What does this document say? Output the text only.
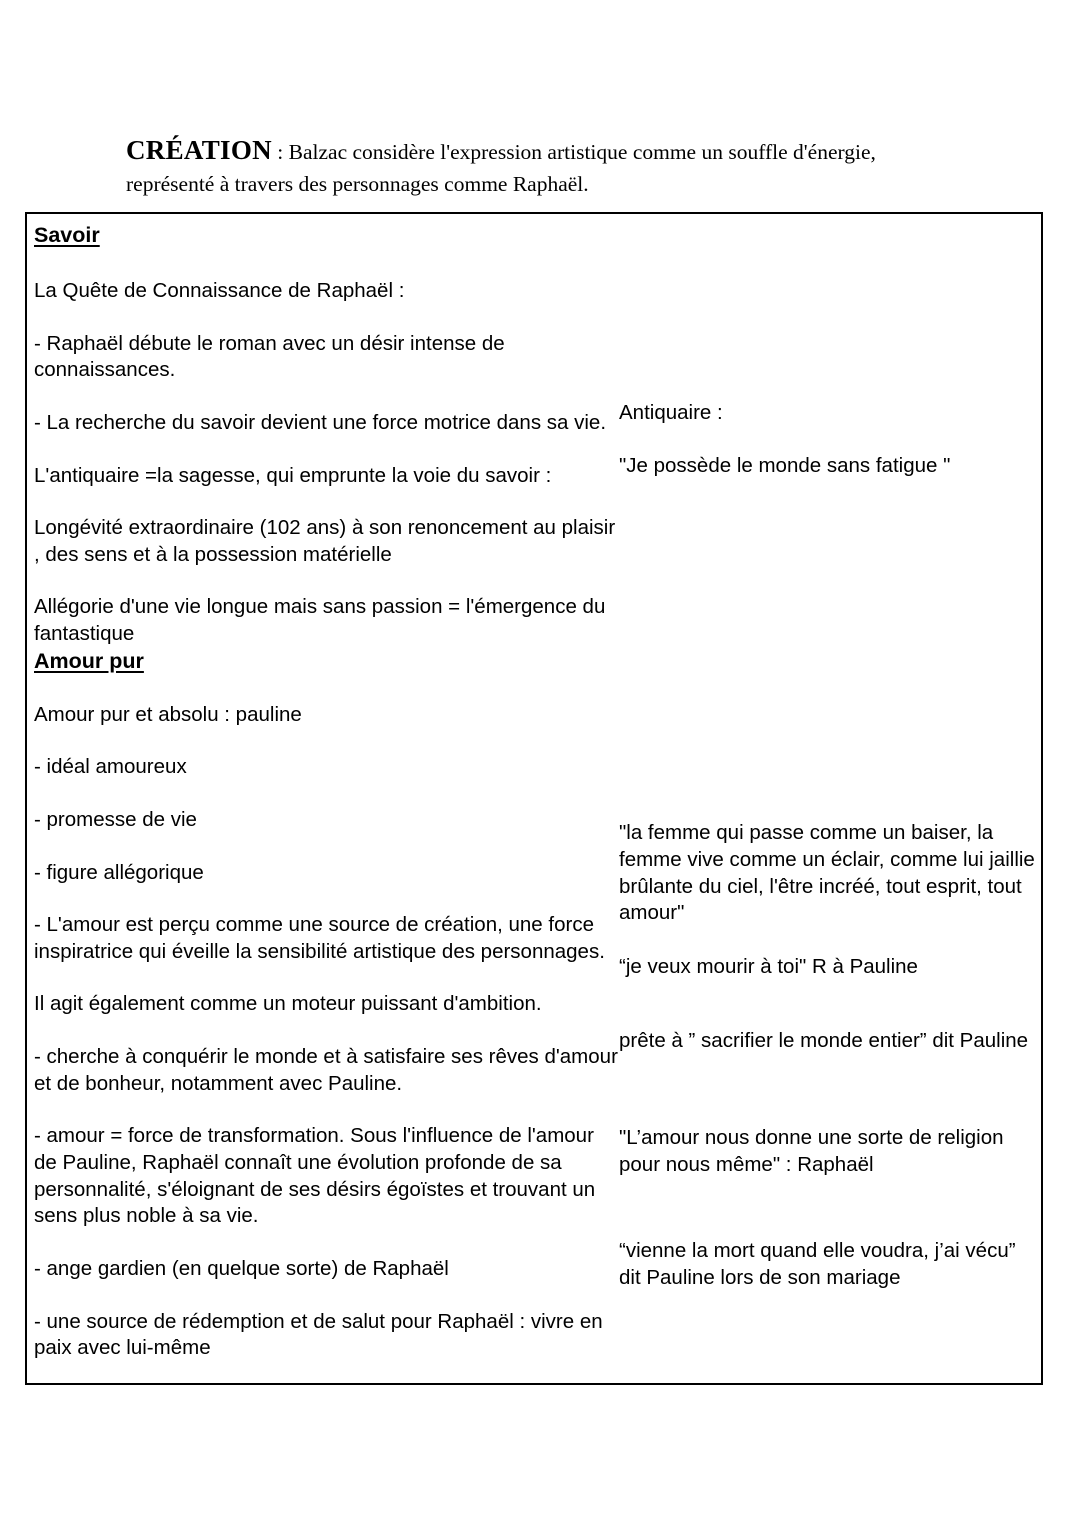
CRÉATION : Balzac considère l'expression artistique comme un souffle d'énergie, représenté à travers des personnages comme Raphaël.
Savoir

La Quête de Connaissance de Raphaël :

- Raphaël débute le roman avec un désir intense de connaissances.

- La recherche du savoir devient une force motrice dans sa vie.

L'antiquaire =la sagesse, qui emprunte la voie du savoir :

Longévité extraordinaire (102 ans) à son renoncement au plaisir , des sens et à la possession matérielle

Allégorie d'une vie longue mais sans passion = l'émergence du fantastique

Amour pur

Amour pur et absolu : pauline

- idéal amoureux

- promesse de vie

- figure allégorique

- L'amour est perçu comme une source de création, une force inspiratrice qui éveille la sensibilité artistique des personnages.

Il agit également comme un moteur puissant d'ambition.

- cherche à conquérir le monde et à satisfaire ses rêves d'amour et de bonheur, notamment avec Pauline.

- amour = force de transformation. Sous l'influence de l'amour de Pauline, Raphaël connaît une évolution profonde de sa personnalité, s'éloignant de ses désirs égoïstes et trouvant un sens plus noble à sa vie.

- ange gardien (en quelque sorte) de Raphaël

- une source de rédemption et de salut pour Raphaël : vivre en paix avec lui-même

Antiquaire :

"Je possède le monde sans fatigue "

"la femme qui passe comme un baiser, la femme vive comme un éclair, comme lui jaillie brûlante du ciel, l'être incréé, tout esprit, tout amour"

“je veux mourir à toi" R à Pauline

prête à ” sacrifier le monde entier” dit Pauline

"L’amour nous donne une sorte de religion pour nous même" : Raphaël

“vienne la mort quand elle voudra, j’ai vécu” dit Pauline lors de son mariage
